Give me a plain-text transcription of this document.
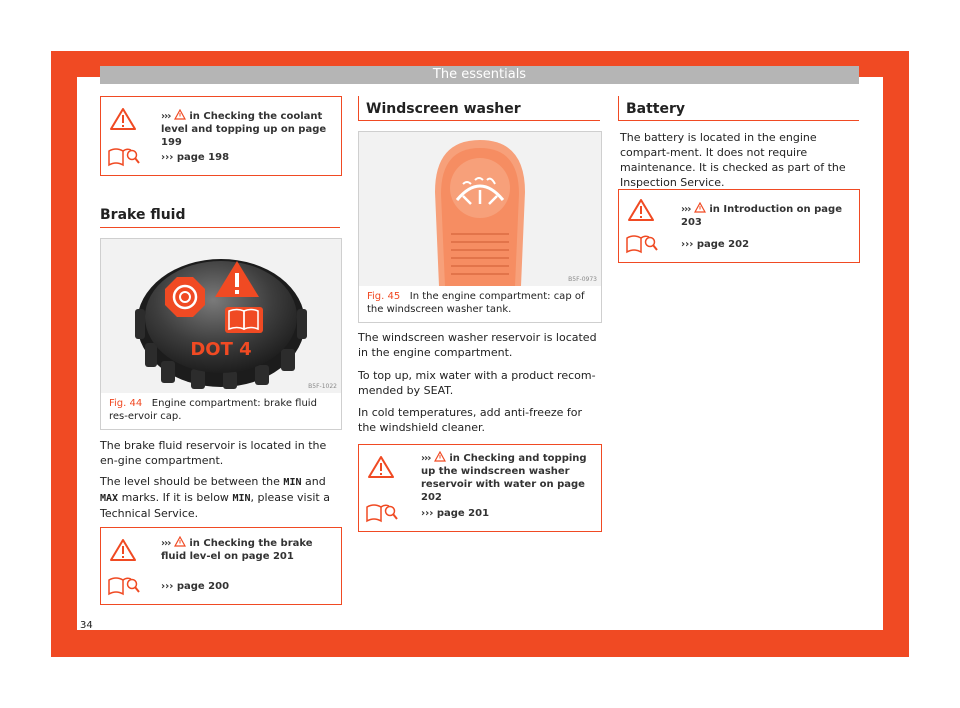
The essentials
››› in Checking the coolant level and topping up on page 199
››› page 198
Brake fluid
DOT 4
B5F-1022
Fig. 44 Engine compartment: brake fluid res-ervoir cap.
The brake fluid reservoir is located in the en-gine compartment.
The level should be between the MIN and MAX marks. If it is below MIN, please visit a Technical Service.
››› in Checking the brake fluid lev-el on page 201
››› page 200
34
Windscreen washer
B5F-0973
Fig. 45 In the engine compartment: cap of the windscreen washer tank.
The windscreen washer reservoir is located in the engine compartment.
To top up, mix water with a product recom-mended by SEAT.
In cold temperatures, add anti-freeze for the windshield cleaner.
››› in Checking and topping up the windscreen washer reservoir with water on page 202
››› page 201
Battery
The battery is located in the engine compart-ment. It does not require maintenance. It is checked as part of the Inspection Service.
››› in Introduction on page 203
››› page 202
